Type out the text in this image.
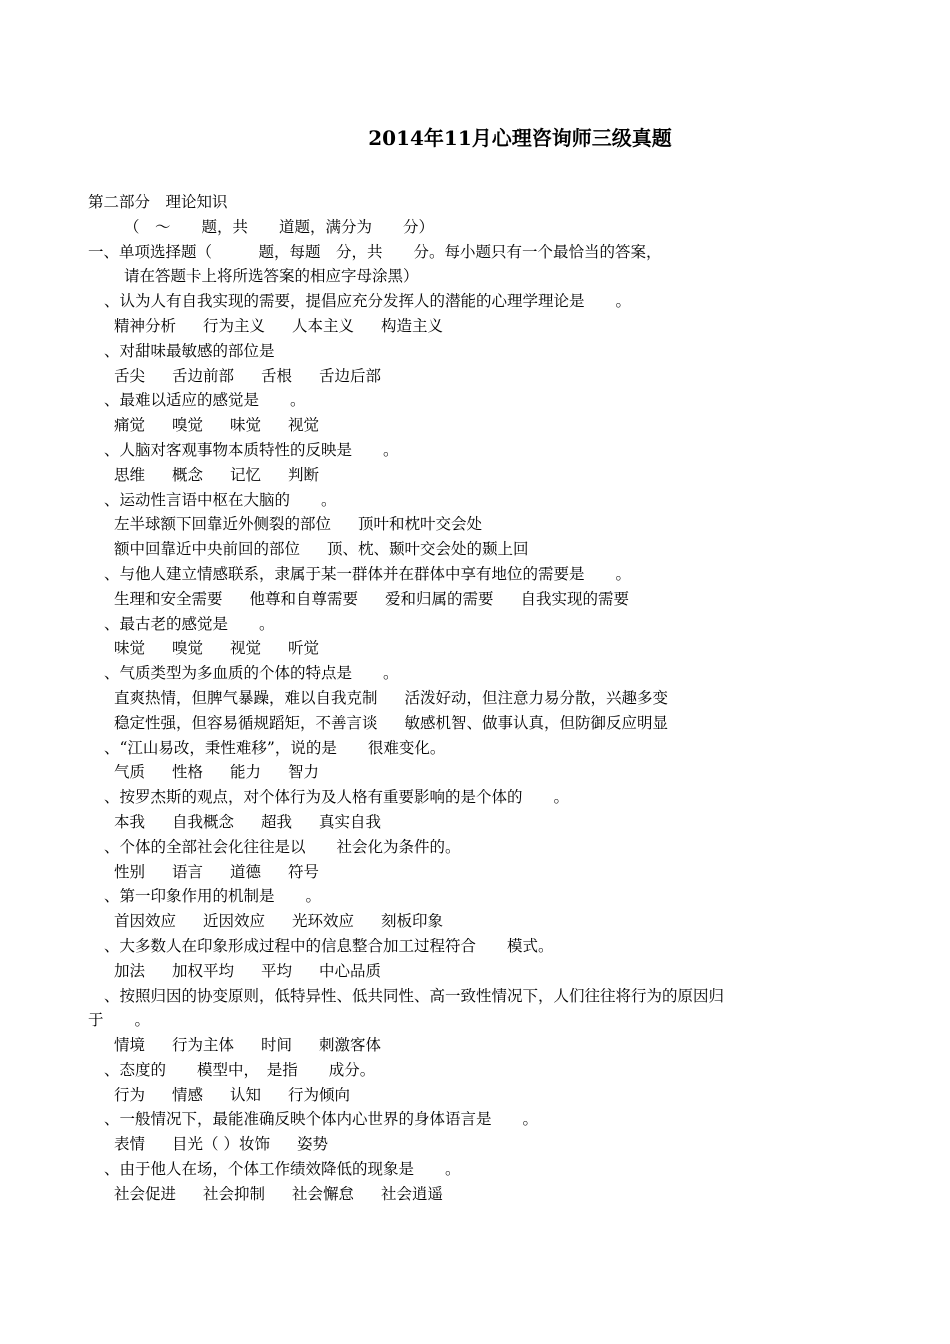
2014年11月心理咨询师三级真题
第二部分　理论知识
（　～　　题，共　　道题，满分为　　分）
一、单项选择题（　　　题，每题　分，共　　分。每小题只有一个最恰当的答案，
请在答题卡上将所选答案的相应字母涂黑）
、认为人有自我实现的需要，提倡应充分发挥人的潜能的心理学理论是　　。
精神分析 行为主义 人本主义 构造主义
、对甜味最敏感的部位是
舌尖 舌边前部 舌根 舌边后部
、最难以适应的感觉是　　。
痛觉 嗅觉 味觉 视觉
、人脑对客观事物本质特性的反映是　　。
思维 概念 记忆 判断
、运动性言语中枢在大脑的　　。
左半球额下回靠近外侧裂的部位 顶叶和枕叶交会处
额中回靠近中央前回的部位 顶、枕、颞叶交会处的颞上回
、与他人建立情感联系，隶属于某一群体并在群体中享有地位的需要是　　。
生理和安全需要 他尊和自尊需要 爱和归属的需要 自我实现的需要
、最古老的感觉是　　。
味觉 嗅觉 视觉 听觉
、气质类型为多血质的个体的特点是　　。
直爽热情，但脾气暴躁，难以自我克制 活泼好动，但注意力易分散，兴趣多变
稳定性强，但容易循规蹈矩，不善言谈 敏感机智、做事认真，但防御反应明显
、“江山易改，秉性难移”，说的是　　很难变化。
气质 性格 能力 智力
、按罗杰斯的观点，对个体行为及人格有重要影响的是个体的　　。
本我 自我概念 超我 真实自我
、个体的全部社会化往往是以　　社会化为条件的。
性别 语言 道德 符号
、第一印象作用的机制是　　。
首因效应 近因效应 光环效应 刻板印象
、大多数人在印象形成过程中的信息整合加工过程符合　　模式。
加法 加权平均 平均 中心品质
、按照归因的协变原则，低特异性、低共同性、高一致性情况下，人们往往将行为的原因归
于　　。
情境 行为主体 时间 刺激客体
、态度的　　模型中，　是指　　成分。
行为 情感 认知 行为倾向
、一般情况下，最能准确反映个体内心世界的身体语言是　　。
表情 目光（ ）妆饰 姿势
、由于他人在场，个体工作绩效降低的现象是　　。
社会促进 社会抑制 社会懈怠 社会逍遥
